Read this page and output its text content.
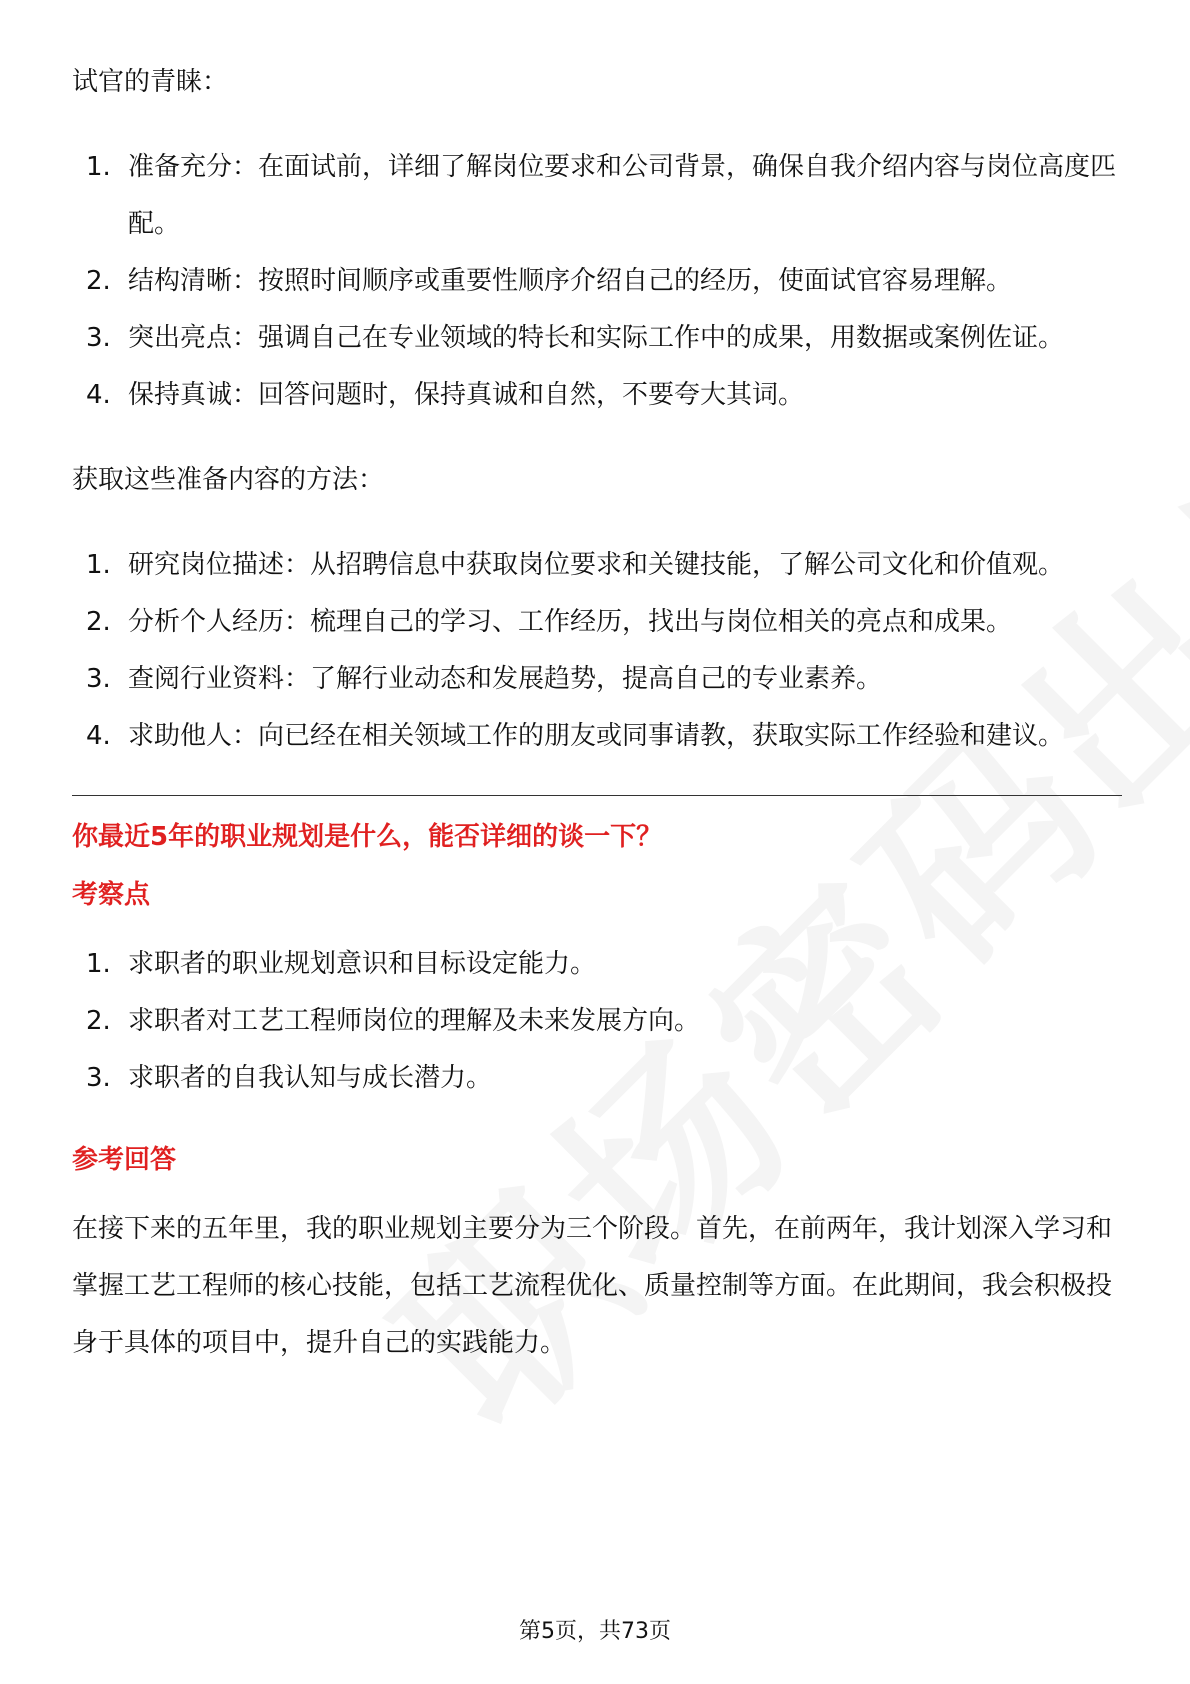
试官的青睐：

1. 准备充分：在面试前，详细了解岗位要求和公司背景，确保自我介绍内容与岗位高度匹配。
2. 结构清晰：按照时间顺序或重要性顺序介绍自己的经历，使面试官容易理解。
3. 突出亮点：强调自己在专业领域的特长和实际工作中的成果，用数据或案例佐证。
4. 保持真诚：回答问题时，保持真诚和自然，不要夸大其词。

获取这些准备内容的方法：

1. 研究岗位描述：从招聘信息中获取岗位要求和关键技能，了解公司文化和价值观。
2. 分析个人经历：梳理自己的学习、工作经历，找出与岗位相关的亮点和成果。
3. 查阅行业资料：了解行业动态和发展趋势，提高自己的专业素养。
4. 求助他人：向已经在相关领域工作的朋友或同事请教，获取实际工作经验和建议。

你最近5年的职业规划是什么，能否详细的谈一下？

考察点

1. 求职者的职业规划意识和目标设定能力。
2. 求职者对工艺工程师岗位的理解及未来发展方向。
3. 求职者的自我认知与成长潜力。

参考回答

在接下来的五年里，我的职业规划主要分为三个阶段。首先，在前两年，我计划深入学习和掌握工艺工程师的核心技能，包括工艺流程优化、质量控制等方面。在此期间，我会积极投身于具体的项目中，提升自己的实践能力。

第5页，共73页
